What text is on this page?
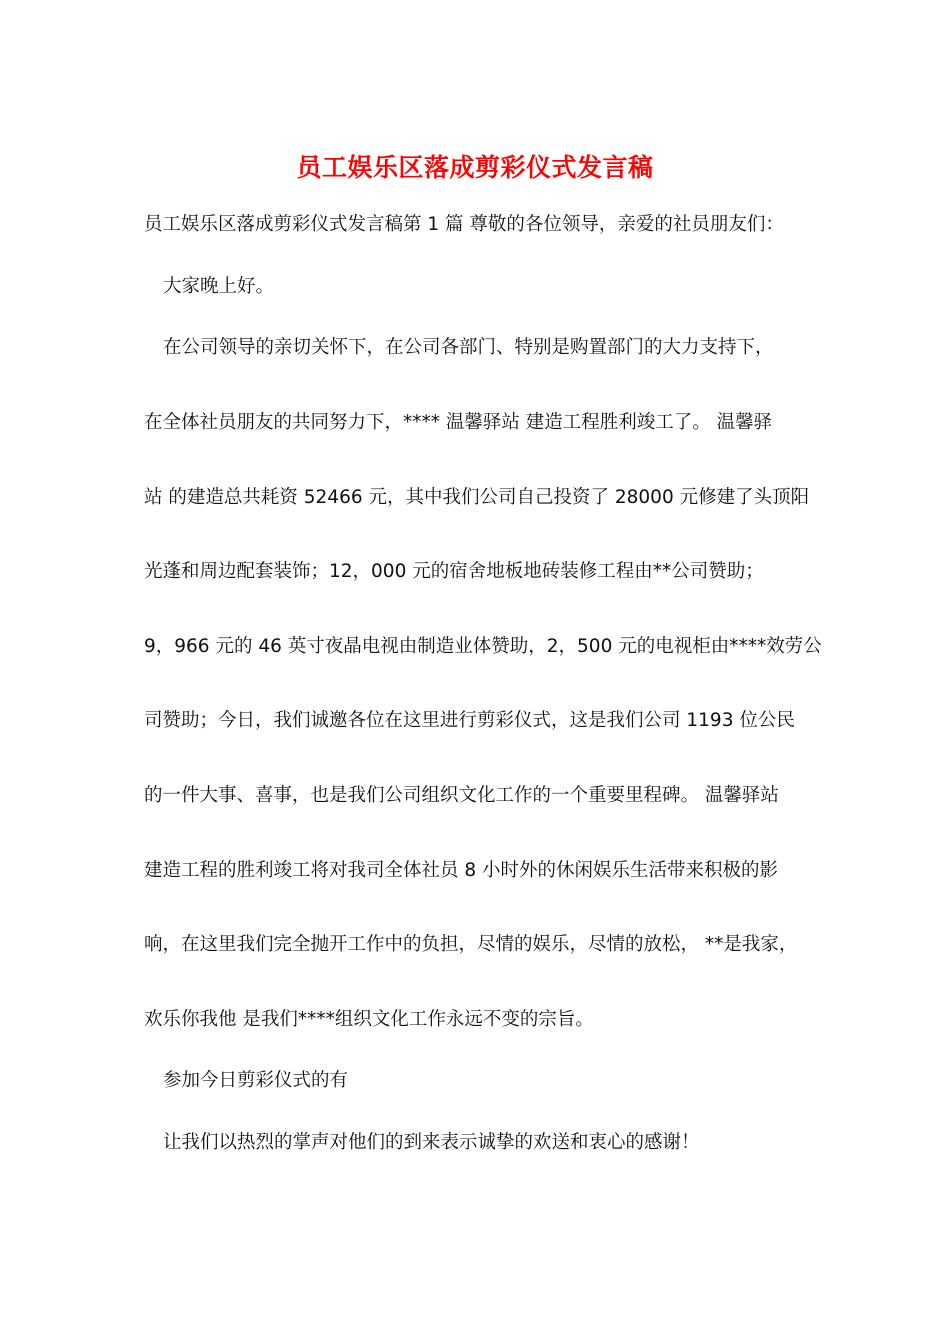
员工娱乐区落成剪彩仪式发言稿
员工娱乐区落成剪彩仪式发言稿第 1 篇 尊敬的各位领导，亲爱的社员朋友们：
大家晚上好。
在公司领导的亲切关怀下，在公司各部门、特别是购置部门的大力支持下，
在全体社员朋友的共同努力下，**** 温馨驿站 建造工程胜利竣工了。 温馨驿
站 的建造总共耗资 52466 元，其中我们公司自己投资了 28000 元修建了头顶阳
光蓬和周边配套装饰；12，000 元的宿舍地板地砖装修工程由**公司赞助；
9，966 元的 46 英寸夜晶电视由制造业体赞助，2，500 元的电视柜由****效劳公
司赞助；今日，我们诚邀各位在这里进行剪彩仪式，这是我们公司 1193 位公民
的一件大事、喜事，也是我们公司组织文化工作的一个重要里程碑。 温馨驿站
建造工程的胜利竣工将对我司全体社员 8 小时外的休闲娱乐生活带来积极的影
响，在这里我们完全抛开工作中的负担，尽情的娱乐，尽情的放松， **是我家，
欢乐你我他 是我们****组织文化工作永远不变的宗旨。
参加今日剪彩仪式的有
让我们以热烈的掌声对他们的到来表示诚挚的欢送和衷心的感谢！
